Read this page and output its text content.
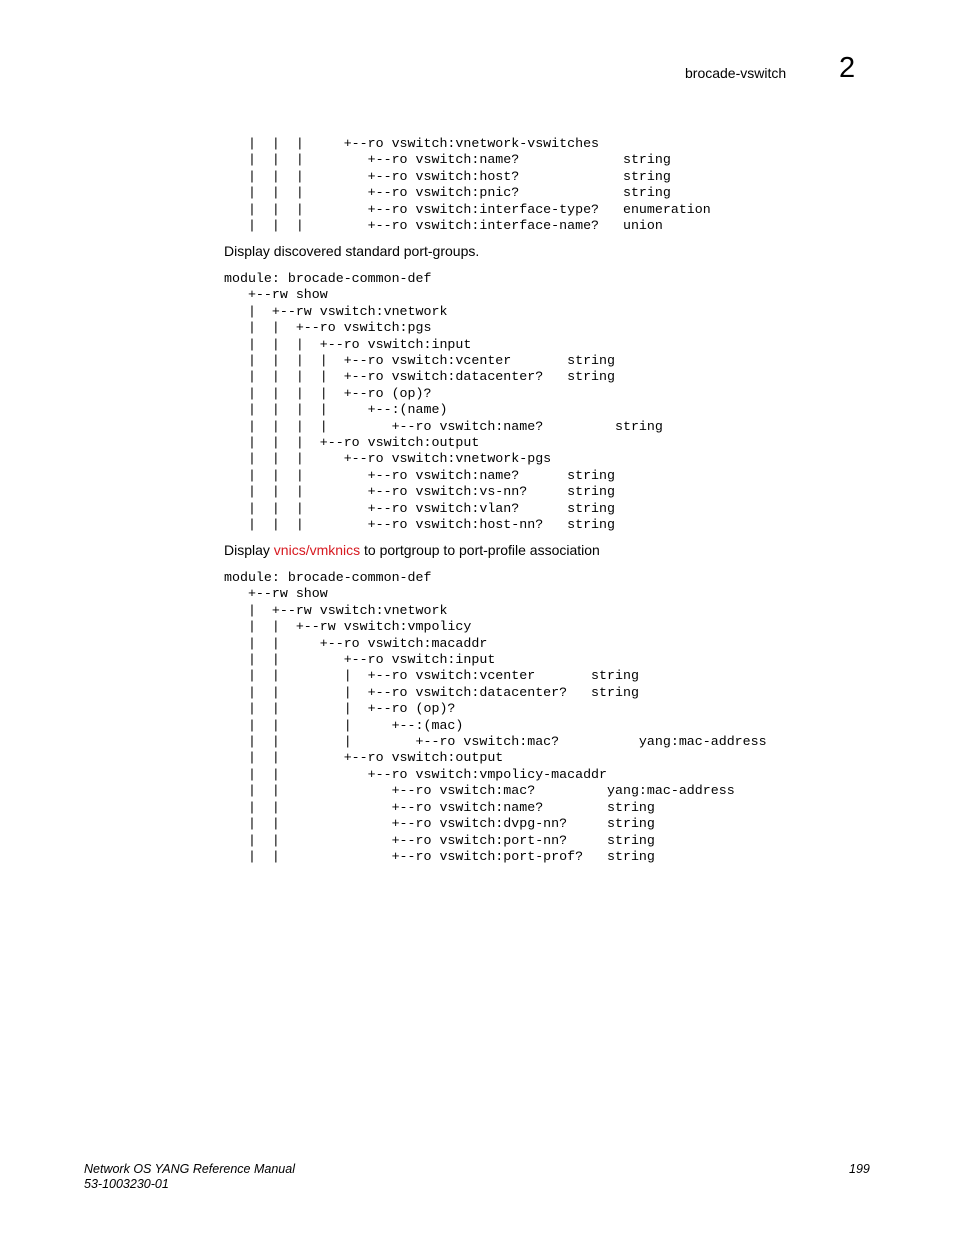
brocade-vswitch 2
|  |  |     +--ro vswitch:vnetwork-vswitches
|  |  |        +--ro vswitch:name?             string
|  |  |        +--ro vswitch:host?             string
|  |  |        +--ro vswitch:pnic?             string
|  |  |        +--ro vswitch:interface-type?   enumeration
|  |  |        +--ro vswitch:interface-name?   union
Display discovered standard port-groups.
module: brocade-common-def
+--rw show
|  +--rw vswitch:vnetwork
|  |  +--ro vswitch:pgs
|  |  |  +--ro vswitch:input
|  |  |  |  +--ro vswitch:vcenter       string
|  |  |  |  +--ro vswitch:datacenter?   string
|  |  |  |  +--ro (op)?
|  |  |  |     +--:(name)
|  |  |  |        +--ro vswitch:name?         string
|  |  |  +--ro vswitch:output
|  |  |     +--ro vswitch:vnetwork-pgs
|  |  |        +--ro vswitch:name?      string
|  |  |        +--ro vswitch:vs-nn?     string
|  |  |        +--ro vswitch:vlan?      string
|  |  |        +--ro vswitch:host-nn?   string
Display vnics/vmknics to portgroup to port-profile association
module: brocade-common-def
+--rw show
|  +--rw vswitch:vnetwork
|  |  +--rw vswitch:vmpolicy
|  |     +--ro vswitch:macaddr
|  |        +--ro vswitch:input
|  |        |  +--ro vswitch:vcenter       string
|  |        |  +--ro vswitch:datacenter?   string
|  |        |  +--ro (op)?
|  |        |     +--:(mac)
|  |        |        +--ro vswitch:mac?          yang:mac-address
|  |        +--ro vswitch:output
|  |           +--ro vswitch:vmpolicy-macaddr
|  |              +--ro vswitch:mac?         yang:mac-address
|  |              +--ro vswitch:name?        string
|  |              +--ro vswitch:dvpg-nn?     string
|  |              +--ro vswitch:port-nn?     string
|  |              +--ro vswitch:port-prof?   string
Network OS YANG Reference Manual
53-1003230-01
199
